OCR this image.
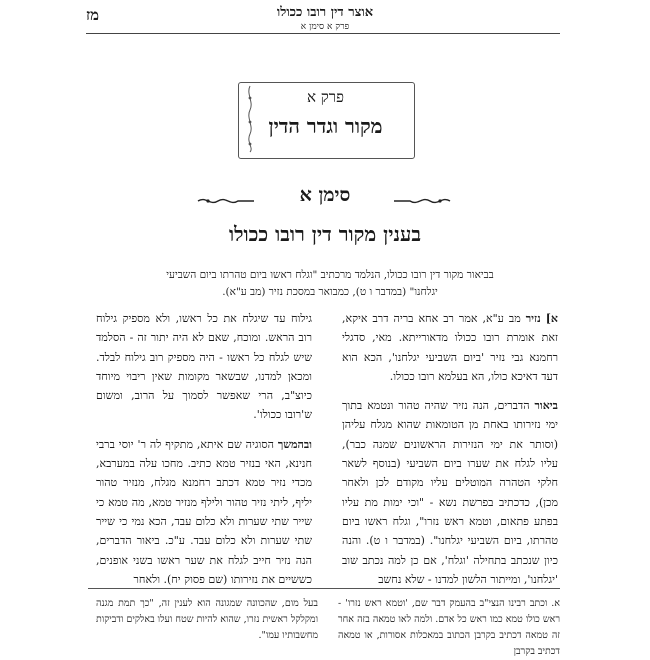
מז	אוצר דין רובו ככולו
פרק א סימן א
פרק א
מקור וגדר הדין
סימן א
בענין מקור דין רובו ככולו
בביאור מקור דין רובו ככולו, הנלמד מרכתיב "וגלח ראשו ביום טהרתו ביום השביעי
יגלחנו" (במדבר ו ט), כמבואר במסכת נזיר (מב ע"א).

א] נזיר מב ע"א, אמר רב אחא בריה דרב איקא, זאת אומרת רובו ככולו מדאורייתא. מאי, סדגלי רחמנא גבי נזיר 'ביום השביעי יגלחנו', הכא הוא דעד דאיכא כולו, הא בעלמא רובו ככולו.

ביאור הדברים, הנה נזיר שהיה טהור ונטמא בתוך ימי נזירותו באחת מן הטומאות שהוא מגלח עליהן (וסותר את ימי הנזירות הראשונים שמנה כבר), עליו לגלח את שערו ביום השביעי (בנוסף לשאר חלקי הטהרה המוטלים עליו מקודם לכן ולאחר מכן), כדכתיב בפרשת נשא - "וכי ימות מת עליו בפתע פתאום, וטמא ראש נזרו", וגלח ראשו ביום טהרתו, ביום השביעי יגלחנו". (במדבר ו ט). והנה כיון שנכתב בתחילה 'וגלח', אם כן למה נכתב שוב 'יגלחנו', ומייתור הלשון למדנו - שלא נחשב

גילוח עד שיגלח את כל ראשו, ולא מספיק גילוח רוב הראש. ומוכח, שאם לא היה יתור זה - הסלמד שיש לגלח כל ראשו - היה מספיק רוב גילוח לבלד. ומכאן למדנו, שבשאר מקומות שאין ריבוי מיוחד כיוצ"ב, הרי שאפשר לסמוך על הרוב, ומשום ש'רובו ככולו'.

ובהמשך הסוגיה שם איתא, מתקיף לה ר' יוסי ברבי חנינא, האי בנזיר טמא כתיב. מחכו עלה במערבא, מכדי נזיר טמא דכתב רחמנא מגלח, מנזיר טהור יליף, ליתי נזיר טהור ולילף מנזיר טמא, מה טמא כי שייר שתי שערות ולא כלום עבד, הכא נמי כי שייר שתי שערות ולא כלום עבד. ע"כ. ביאור הדברים, הנה נזיר חייב לגלח את שער ראשו בשני אופנים, כששיים את נזירותו (שם פסוק יח). ולאחר

א. וכתב רבינו הנצי"ב בהעמק דבר שם, 'וטמא ראש נזרו' - ראש כולו טמא כמו ראש כל אדם. ולמה לאו טמאה בזה אחר זה טמאה דכתיב בקרבן הכתוב במאכלות אסורות, או טמאה דכתיב בקרבן
בעל מום, שהכוונה שמגונה הוא לענין זה, "כך תמת מגנה ומקלקל ראשית נזרו, שהוא להיות שטח ועלו באלקים ודביקות מחשבותיו עמו".
